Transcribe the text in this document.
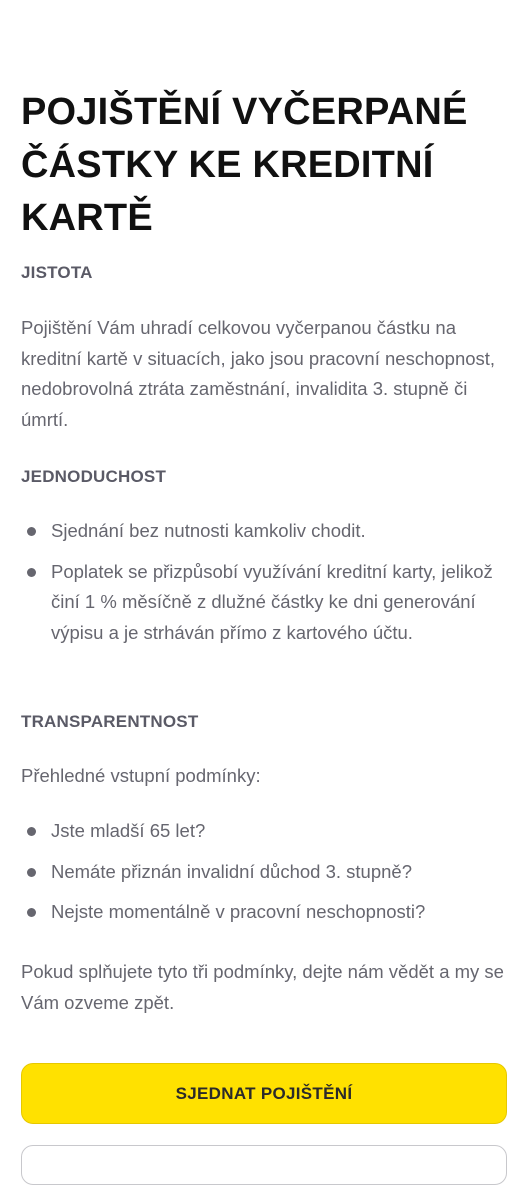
POJIŠTĚNÍ VYČERPANÉ ČÁSTKY KE KREDITNÍ KARTĚ
JISTOTA

Pojištění Vám uhradí celkovou vyčerpanou částku na kreditní kartě v situacích, jako jsou pracovní neschopnost, nedobrovolná ztráta zaměstnání, invalidita 3. stupně či úmrtí.

JEDNODUCHOST
Sjednání bez nutnosti kamkoliv chodit.
Poplatek se přizpůsobí využívání kreditní karty, jelikož činí 1 % měsíčně z dlužné částky ke dni generování výpisu a je strháván přímo z kartového účtu.
TRANSPARENTNOST

Přehledné vstupní podmínky:

Jste mladší 65 let?
Nemáte přiznán invalidní důchod 3. stupně?
Nejste momentálně v pracovní neschopnosti?

Pokud splňujete tyto tři podmínky, dejte nám vědět a my se Vám ozveme zpět.

SJEDNAT POJIŠTĚNÍ
